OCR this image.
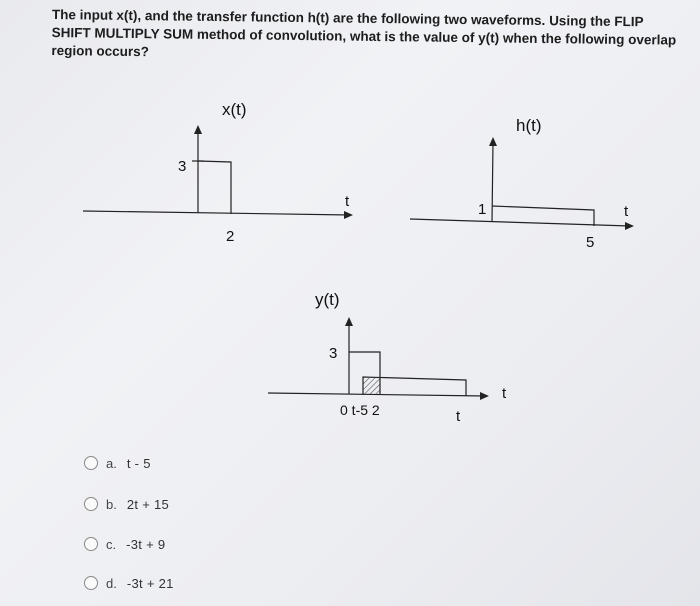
The input x(t), and the transfer function h(t) are the following two waveforms. Using the FLIP SHIFT MULTIPLY SUM method of convolution, what is the value of y(t) when the following overlap region occurs?
x(t)
3
2
t
h(t)
1
5
t
y(t)
3
0 t-5 2	t
t
a. t - 5
b. 2t + 15
c. -3t + 9
d. -3t + 21
